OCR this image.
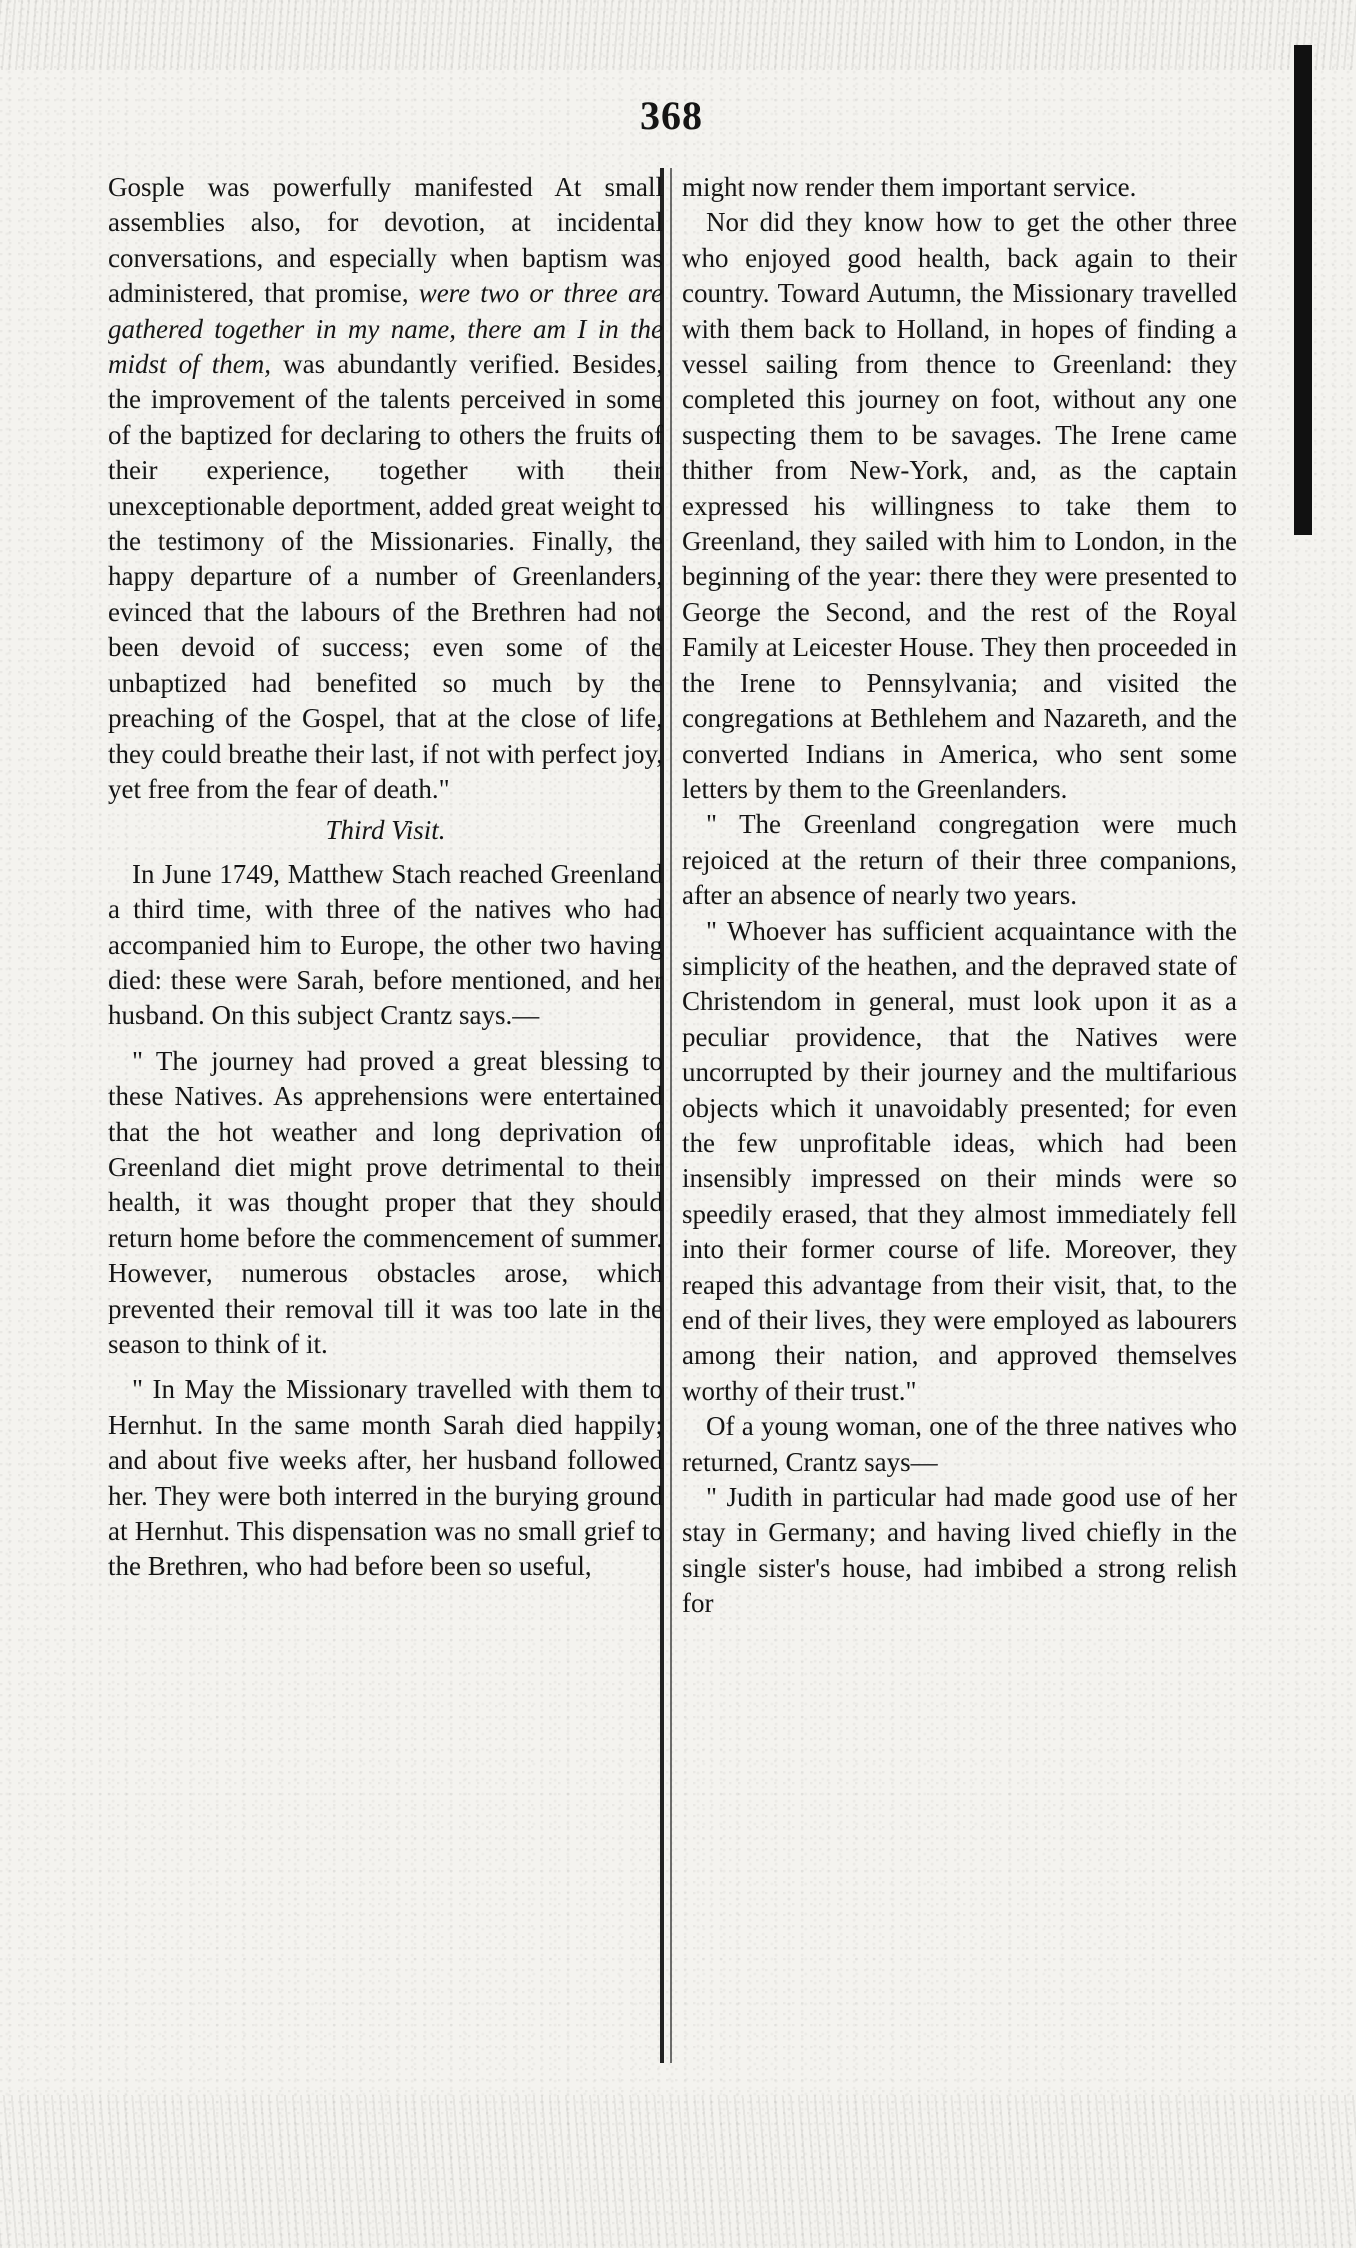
368

Gosple was powerfully manifested At small assemblies also, for devotion, at incidental conversations, and especially when baptism was administered, that promise, were two or three are gathered together in my name, there am I in the midst of them, was abundantly verified. Besides, the improvement of the talents perceived in some of the baptized for declaring to others the fruits of their experience, together with their unexceptionable deportment, added great weight to the testimony of the Missionaries. Finally, the happy departure of a number of Greenlanders, evinced that the labours of the Brethren had not been devoid of success; even some of the unbaptized had benefited so much by the preaching of the Gospel, that at the close of life, they could breathe their last, if not with perfect joy, yet free from the fear of death."

Third Visit.

In June 1749, Matthew Stach reached Greenland a third time, with three of the natives who had accompanied him to Europe, the other two having died: these were Sarah, before mentioned, and her husband. On this subject Crantz says.—

" The journey had proved a great blessing to these Natives. As apprehensions were entertained that the hot weather and long deprivation of Greenland diet might prove detrimental to their health, it was thought proper that they should return home before the commencement of summer. However, numerous obstacles arose, which prevented their removal till it was too late in the season to think of it.

" In May the Missionary travelled with them to Hernhut. In the same month Sarah died happily; and about five weeks after, her husband followed her. They were both interred in the burying ground at Hernhut. This dispensation was no small grief to the Brethren, who had before been so useful,

might now render them important service.

Nor did they know how to get the other three who enjoyed good health, back again to their country. Toward Autumn, the Missionary travelled with them back to Holland, in hopes of finding a vessel sailing from thence to Greenland: they completed this journey on foot, without any one suspecting them to be savages. The Irene came thither from New-York, and, as the captain expressed his willingness to take them to Greenland, they sailed with him to London, in the beginning of the year: there they were presented to George the Second, and the rest of the Royal Family at Leicester House. They then proceeded in the Irene to Pennsylvania; and visited the congregations at Bethlehem and Nazareth, and the converted Indians in America, who sent some letters by them to the Greenlanders.

" The Greenland congregation were much rejoiced at the return of their three companions, after an absence of nearly two years.

" Whoever has sufficient acquaintance with the simplicity of the heathen, and the depraved state of Christendom in general, must look upon it as a peculiar providence, that the Natives were uncorrupted by their journey and the multifarious objects which it unavoidably presented; for even the few unprofitable ideas, which had been insensibly impressed on their minds were so speedily erased, that they almost immediately fell into their former course of life. Moreover, they reaped this advantage from their visit, that, to the end of their lives, they were employed as labourers among their nation, and approved themselves worthy of their trust."

Of a young woman, one of the three natives who returned, Crantz says—

" Judith in particular had made good use of her stay in Germany; and having lived chiefly in the single sister's house, had imbibed a strong relish for
